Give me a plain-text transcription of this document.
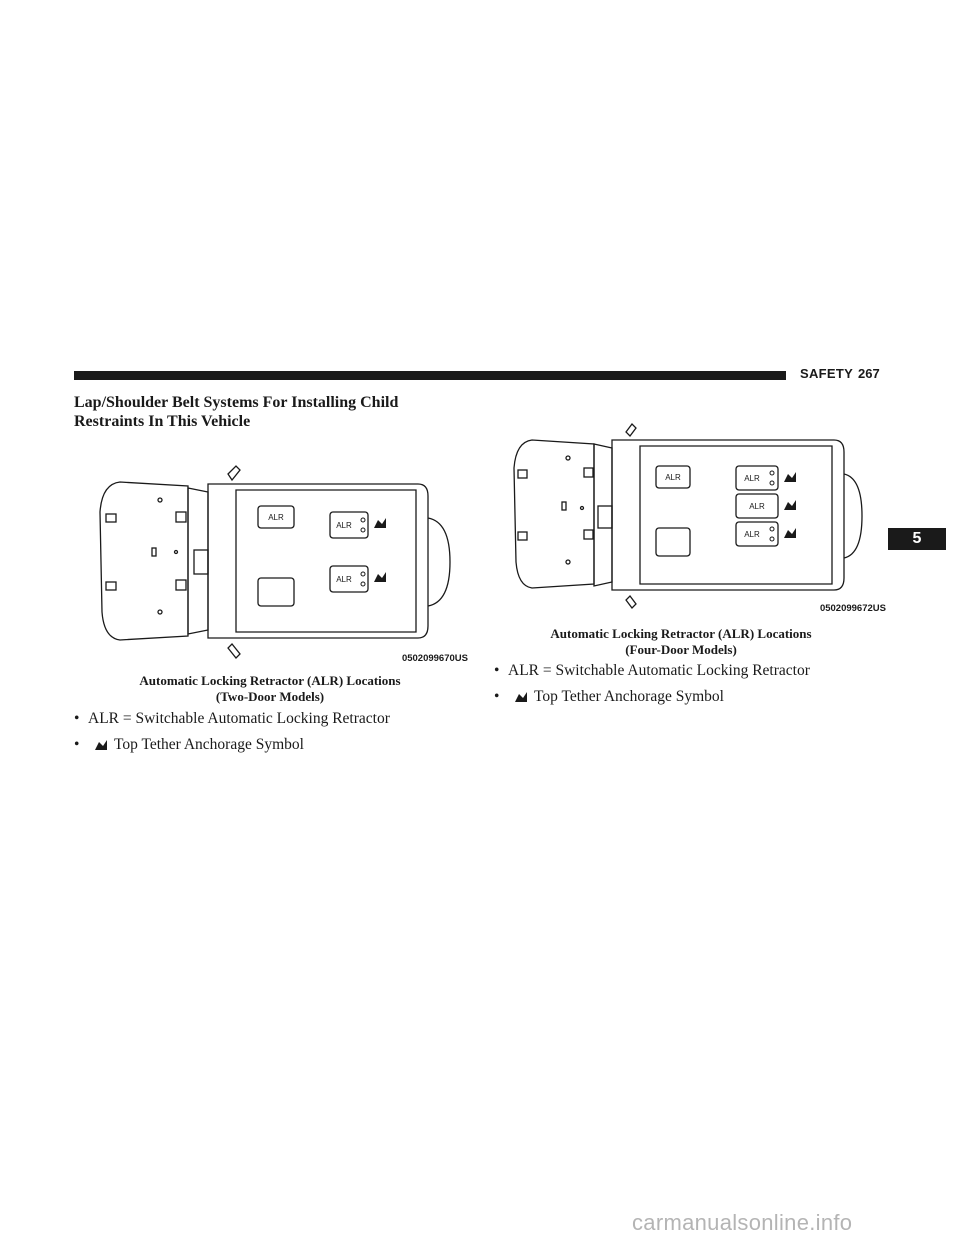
SAFETY 267
5
Lap/Shoulder Belt Systems For Installing Child Restraints In This Vehicle
ALR
ALR
ALR
0502099670US
Automatic Locking Retractor (ALR) Locations
(Two-Door Models)
• ALR = Switchable Automatic Locking Retractor
• Top Tether Anchorage Symbol
ALR	ALR
ALR
ALR
0502099672US
Automatic Locking Retractor (ALR) Locations
(Four-Door Models)
• ALR = Switchable Automatic Locking Retractor
• Top Tether Anchorage Symbol
carmanualsonline.info
